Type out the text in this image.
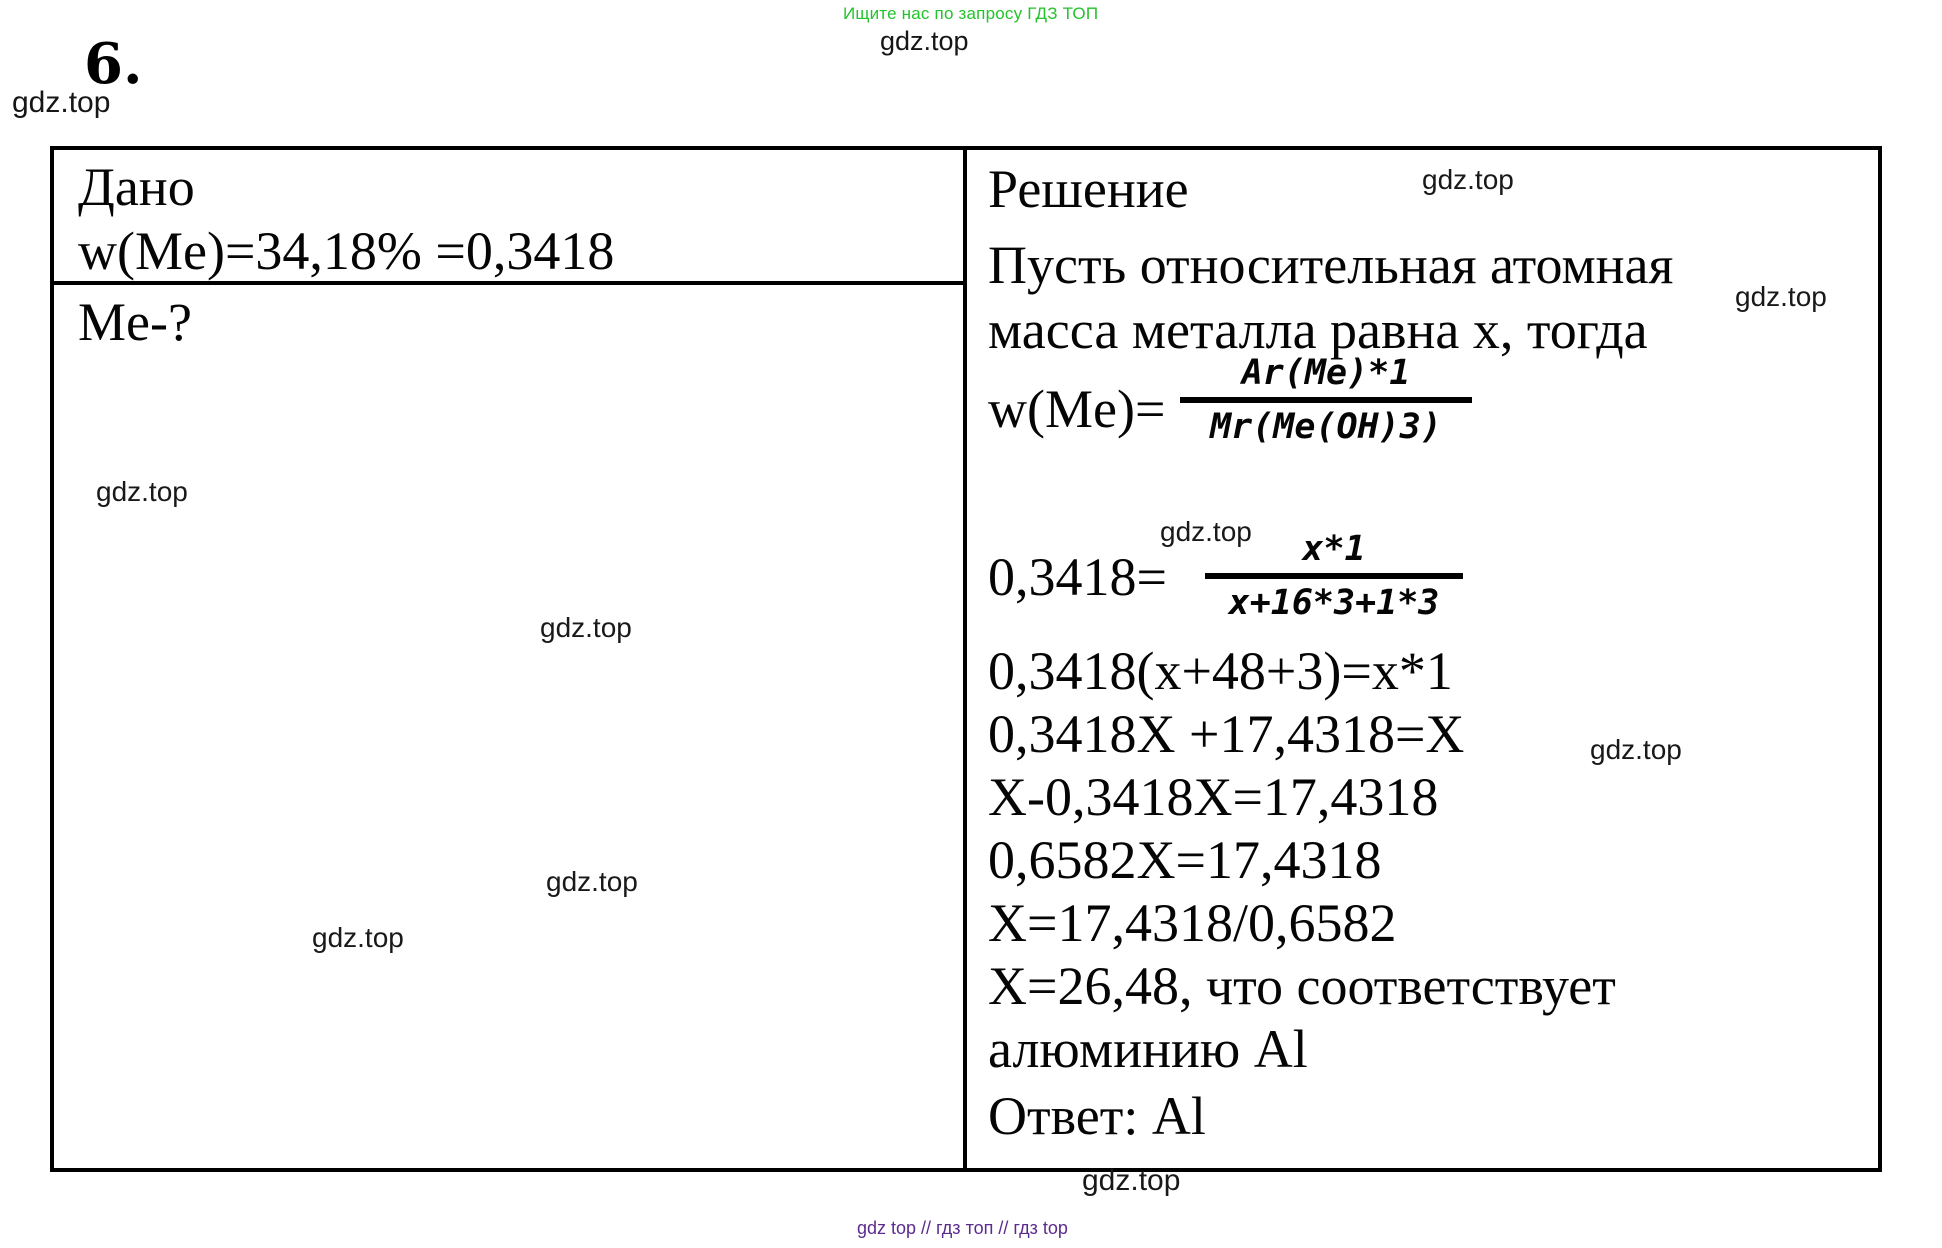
Ищите нас по запросу ГДЗ ТОП
gdz.top
6.
gdz.top
Дано
w(Me)=34,18% =0,3418
Me-?
gdz.top
gdz.top
gdz.top
gdz.top
Решение	gdz.top
Пусть относительная атомная
масса металла равна x, тогда
gdz.top
w(Me)=
Ar(Me)*1
Mr(Me(OH)3)
gdz.top
0,3418=	x*1
x+16*3+1*3
0,3418(x+48+3)=x*1
0,3418X +17,4318=X	gdz.top
X-0,3418X=17,4318
0,6582X=17,4318
X=17,4318/0,6582
X=26,48, что соответствует
алюминию Al
Ответ: Al
gdz.top
gdz top // гдз топ // гдз top
